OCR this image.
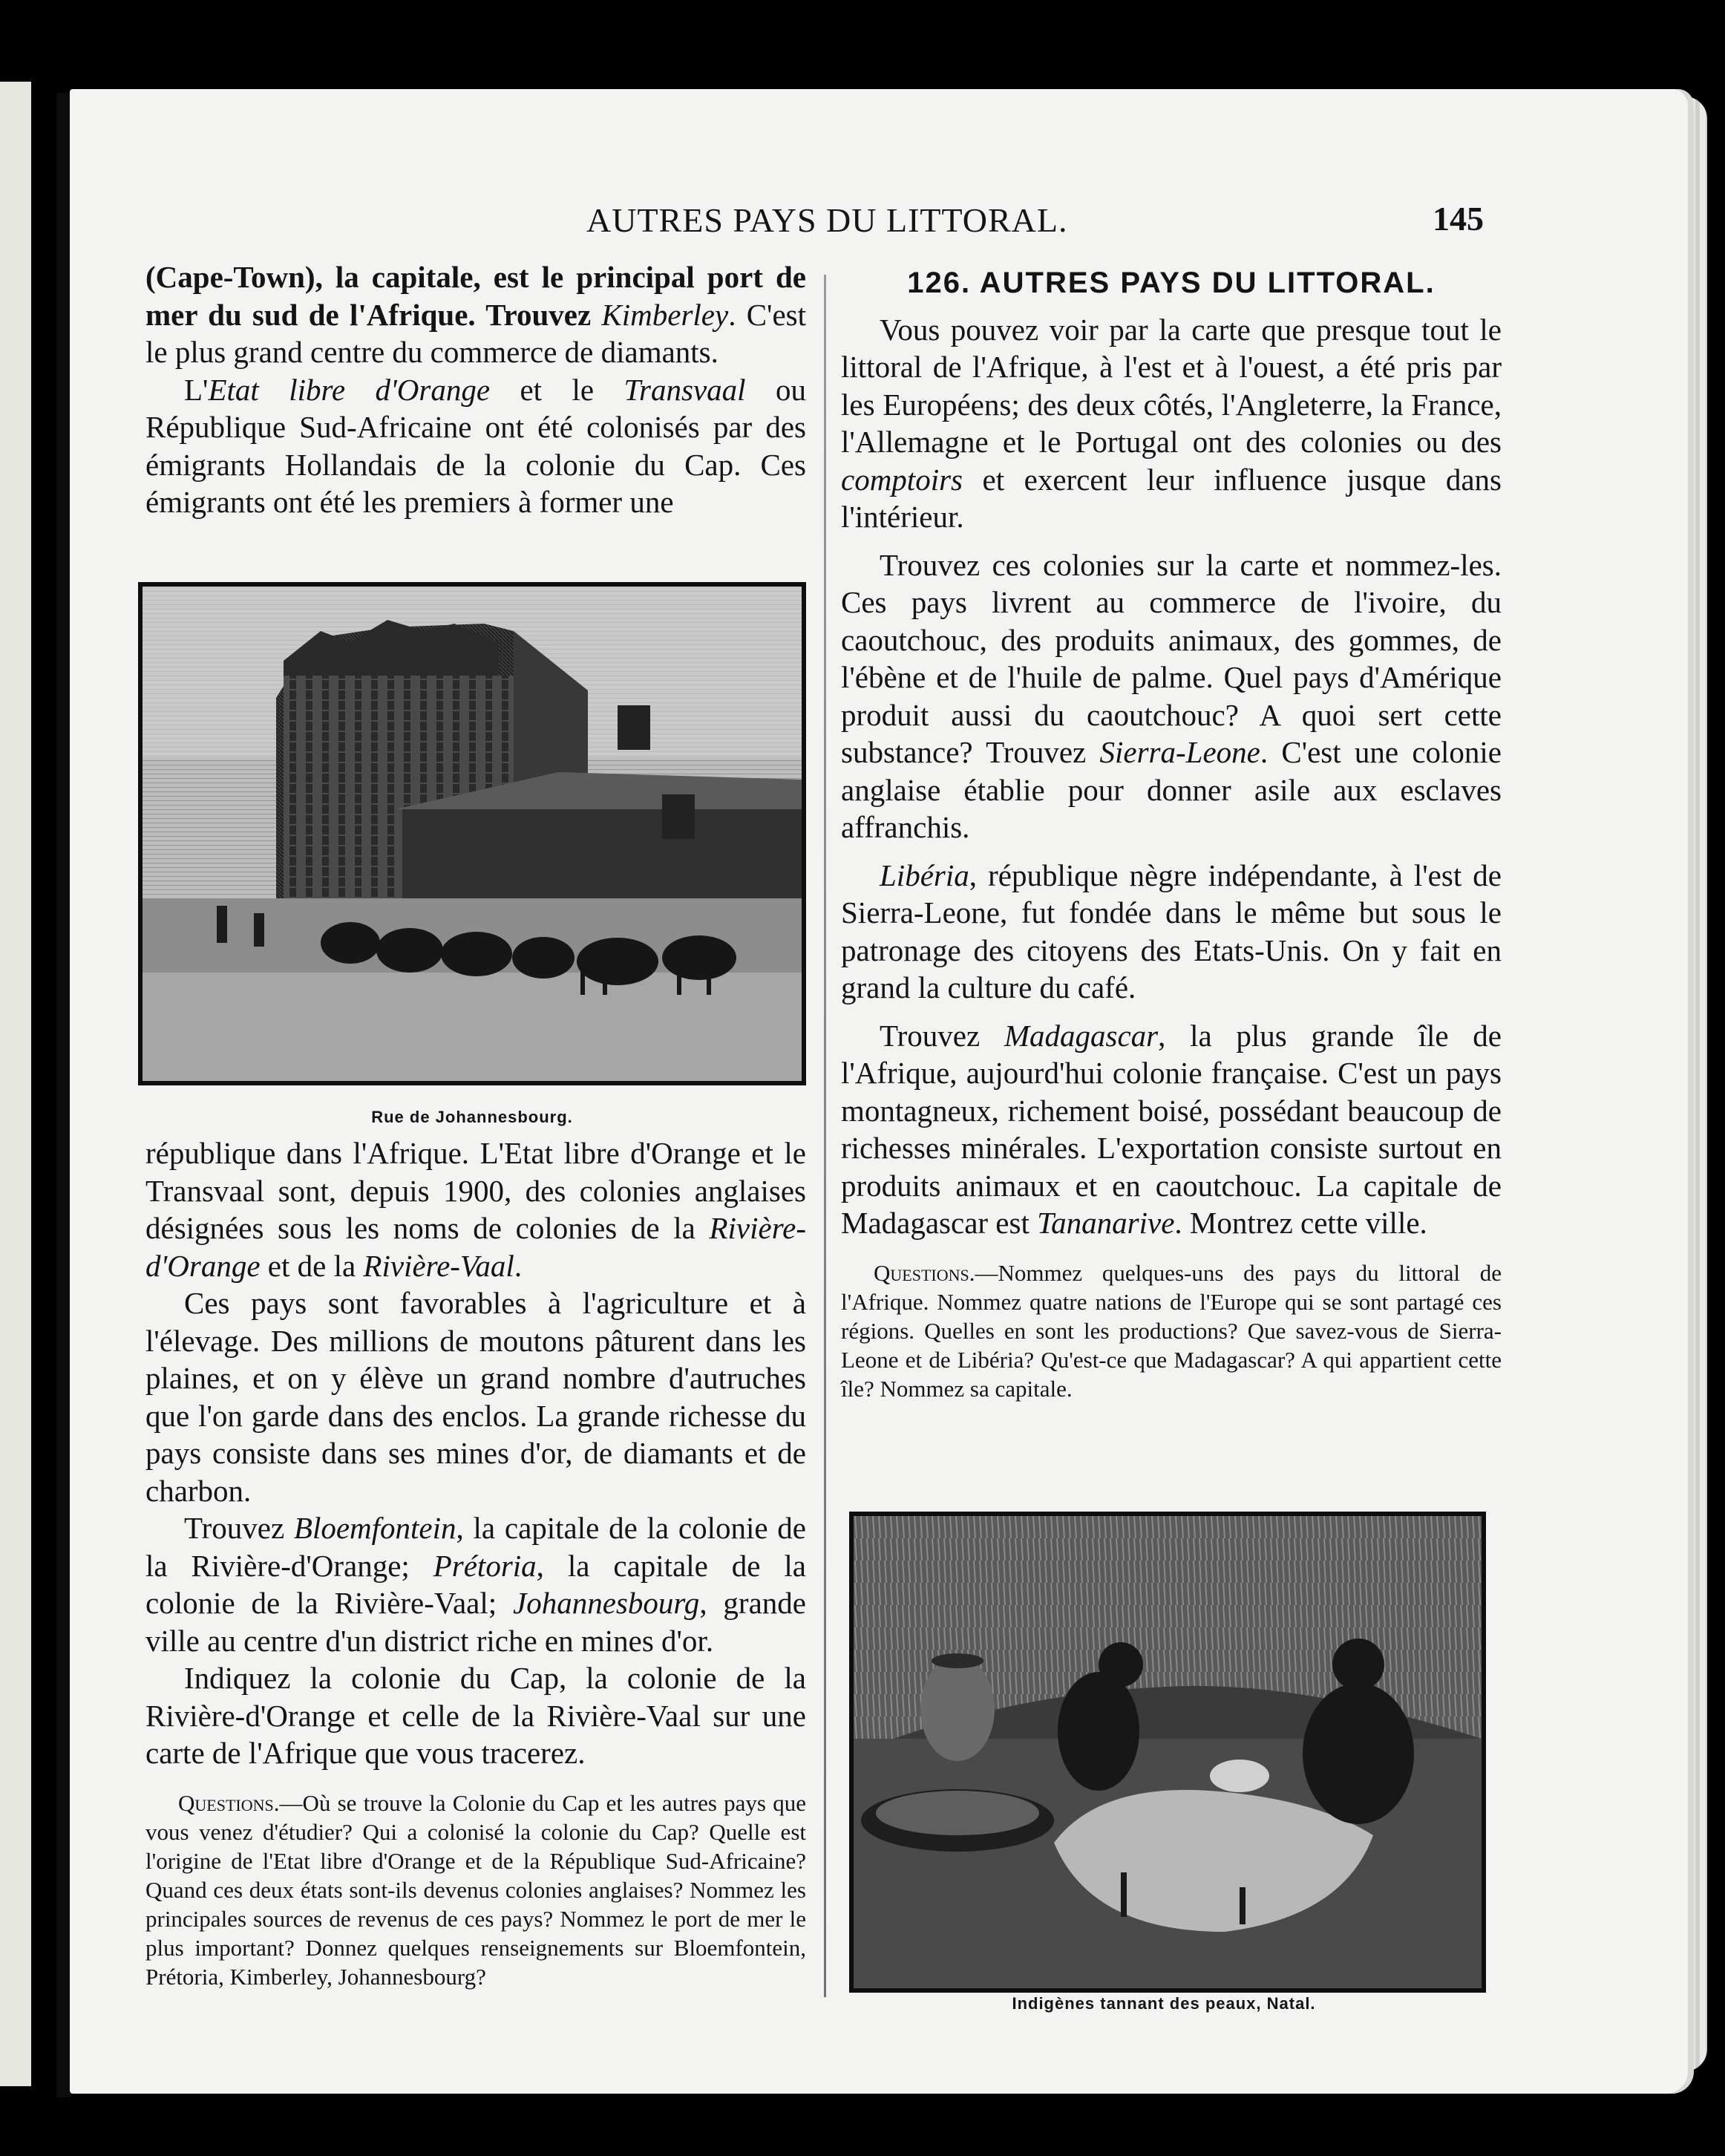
AUTRES PAYS DU LITTORAL.	145

(Cape-Town), la capitale, est le principal port de mer du sud de l'Afrique. Trouvez Kimberley. C'est le plus grand centre du commerce de diamants.

L'Etat libre d'Orange et le Transvaal ou République Sud-Africaine ont été colonisés par des émigrants Hollandais de la colonie du Cap. Ces émigrants ont été les premiers à former une

Rue de Johannesbourg.

république dans l'Afrique. L'Etat libre d'Orange et le Transvaal sont, depuis 1900, des colonies anglaises désignées sous les noms de colonies de la Rivière-d'Orange et de la Rivière-Vaal.

Ces pays sont favorables à l'agriculture et à l'élevage. Des millions de moutons pâturent dans les plaines, et on y élève un grand nombre d'autruches que l'on garde dans des enclos. La grande richesse du pays consiste dans ses mines d'or, de diamants et de charbon.

Trouvez Bloemfontein, la capitale de la colonie de la Rivière-d'Orange; Prétoria, la capitale de la colonie de la Rivière-Vaal; Johannesbourg, grande ville au centre d'un district riche en mines d'or.

Indiquez la colonie du Cap, la colonie de la Rivière-d'Orange et celle de la Rivière-Vaal sur une carte de l'Afrique que vous tracerez.

Questions.—Où se trouve la Colonie du Cap et les autres pays que vous venez d'étudier? Qui a colonisé la colonie du Cap? Quelle est l'origine de l'Etat libre d'Orange et de la République Sud-Africaine? Quand ces deux états sont-ils devenus colonies anglaises? Nommez les principales sources de revenus de ces pays? Nommez le port de mer le plus important? Donnez quelques renseignements sur Bloemfontein, Prétoria, Kimberley, Johannesbourg?

126. AUTRES PAYS DU LITTORAL.

Vous pouvez voir par la carte que presque tout le littoral de l'Afrique, à l'est et à l'ouest, a été pris par les Européens; des deux côtés, l'Angleterre, la France, l'Allemagne et le Portugal ont des colonies ou des comptoirs et exercent leur influence jusque dans l'intérieur.

Trouvez ces colonies sur la carte et nommez-les. Ces pays livrent au commerce de l'ivoire, du caoutchouc, des produits animaux, des gommes, de l'ébène et de l'huile de palme. Quel pays d'Amérique produit aussi du caoutchouc? A quoi sert cette substance? Trouvez Sierra-Leone. C'est une colonie anglaise établie pour donner asile aux esclaves affranchis.

Libéria, république nègre indépendante, à l'est de Sierra-Leone, fut fondée dans le même but sous le patronage des citoyens des Etats-Unis. On y fait en grand la culture du café.

Trouvez Madagascar, la plus grande île de l'Afrique, aujourd'hui colonie française. C'est un pays montagneux, richement boisé, possédant beaucoup de richesses minérales. L'exportation consiste surtout en produits animaux et en caoutchouc. La capitale de Madagascar est Tananarive. Montrez cette ville.

Questions.—Nommez quelques-uns des pays du littoral de l'Afrique. Nommez quatre nations de l'Europe qui se sont partagé ces régions. Quelles en sont les productions? Que savez-vous de Sierra-Leone et de Libéria? Qu'est-ce que Madagascar? A qui appartient cette île? Nommez sa capitale.

Indigènes tannant des peaux, Natal.
